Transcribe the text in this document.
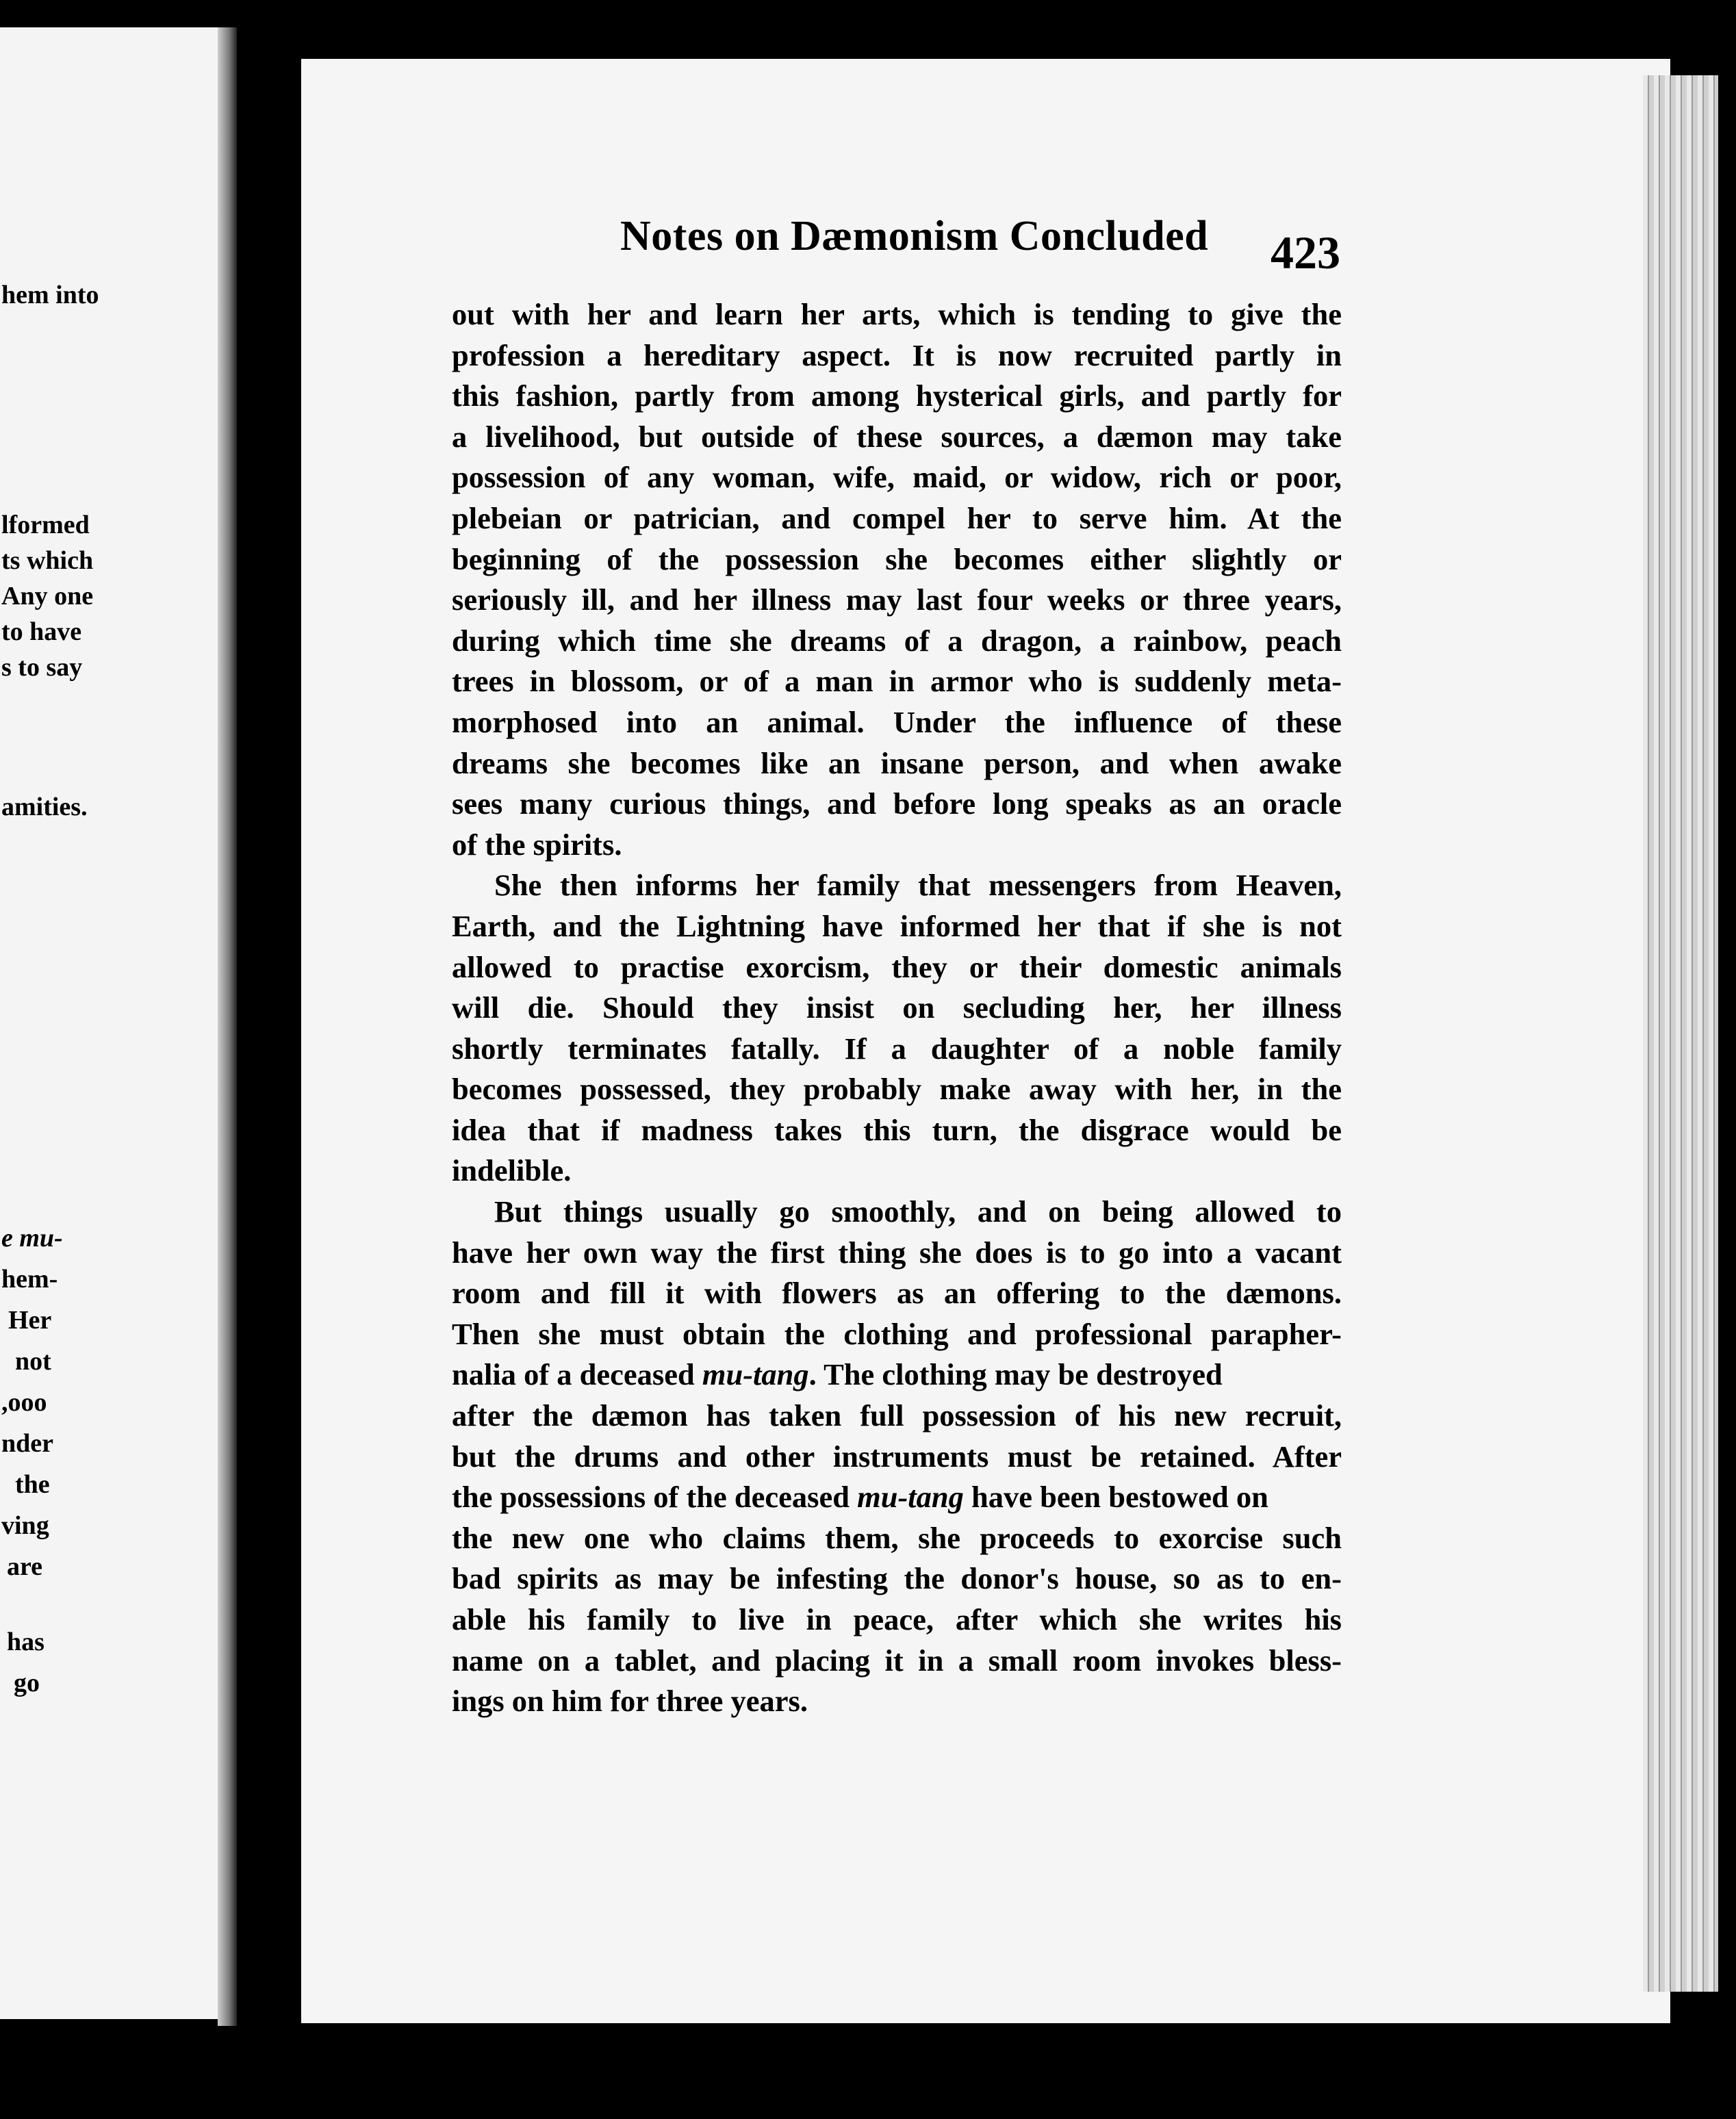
hem into
lformed
ts which
Any one
to have
s to say
amities.
e mu-
hem-
Her
not
,ooo
nder
the
ving
are
has
go
Notes on Dæmonism Concluded 423
out with her and learn her arts, which is tending to give the
profession a hereditary aspect. It is now recruited partly in
this fashion, partly from among hysterical girls, and partly for
a livelihood, but outside of these sources, a dæmon may take
possession of any woman, wife, maid, or widow, rich or poor,
plebeian or patrician, and compel her to serve him. At the
beginning of the possession she becomes either slightly or
seriously ill, and her illness may last four weeks or three years,
during which time she dreams of a dragon, a rainbow, peach
trees in blossom, or of a man in armor who is suddenly meta-
morphosed into an animal. Under the influence of these
dreams she becomes like an insane person, and when awake
sees many curious things, and before long speaks as an oracle
of the spirits.
She then informs her family that messengers from Heaven,
Earth, and the Lightning have informed her that if she is not
allowed to practise exorcism, they or their domestic animals
will die. Should they insist on secluding her, her illness
shortly terminates fatally. If a daughter of a noble family
becomes possessed, they probably make away with her, in the
idea that if madness takes this turn, the disgrace would be
indelible.
But things usually go smoothly, and on being allowed to
have her own way the first thing she does is to go into a vacant
room and fill it with flowers as an offering to the dæmons.
Then she must obtain the clothing and professional parapher-
nalia of a deceased mu-tang. The clothing may be destroyed
after the dæmon has taken full possession of his new recruit,
but the drums and other instruments must be retained. After
the possessions of the deceased mu-tang have been bestowed on
the new one who claims them, she proceeds to exorcise such
bad spirits as may be infesting the donor's house, so as to en-
able his family to live in peace, after which she writes his
name on a tablet, and placing it in a small room invokes bless-
ings on him for three years.
